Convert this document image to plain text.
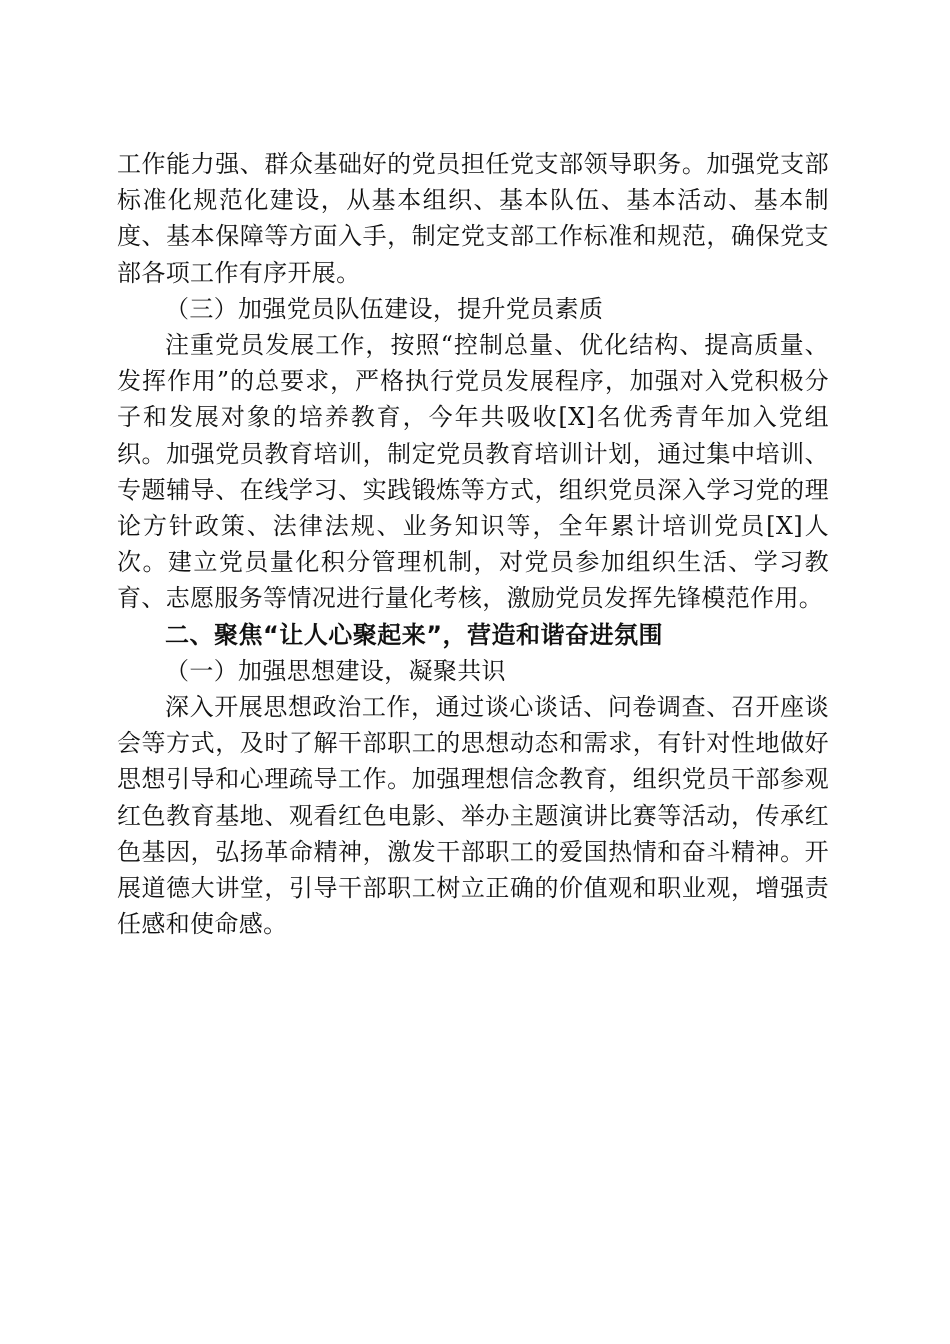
工作能力强、群众基础好的党员担任党支部领导职务。加强党支部标准化规范化建设，从基本组织、基本队伍、基本活动、基本制度、基本保障等方面入手，制定党支部工作标准和规范，确保党支部各项工作有序开展。

（三）加强党员队伍建设，提升党员素质

注重党员发展工作，按照“控制总量、优化结构、提高质量、发挥作用”的总要求，严格执行党员发展程序，加强对入党积极分子和发展对象的培养教育，今年共吸收[X]名优秀青年加入党组织。加强党员教育培训，制定党员教育培训计划，通过集中培训、专题辅导、在线学习、实践锻炼等方式，组织党员深入学习党的理论方针政策、法律法规、业务知识等，全年累计培训党员[X]人次。建立党员量化积分管理机制，对党员参加组织生活、学习教育、志愿服务等情况进行量化考核，激励党员发挥先锋模范作用。

二、聚焦“让人心聚起来”，营造和谐奋进氛围

（一）加强思想建设，凝聚共识

深入开展思想政治工作，通过谈心谈话、问卷调查、召开座谈会等方式，及时了解干部职工的思想动态和需求，有针对性地做好思想引导和心理疏导工作。加强理想信念教育，组织党员干部参观红色教育基地、观看红色电影、举办主题演讲比赛等活动，传承红色基因，弘扬革命精神，激发干部职工的爱国热情和奋斗精神。开展道德大讲堂，引导干部职工树立正确的价值观和职业观，增强责任感和使命感。
